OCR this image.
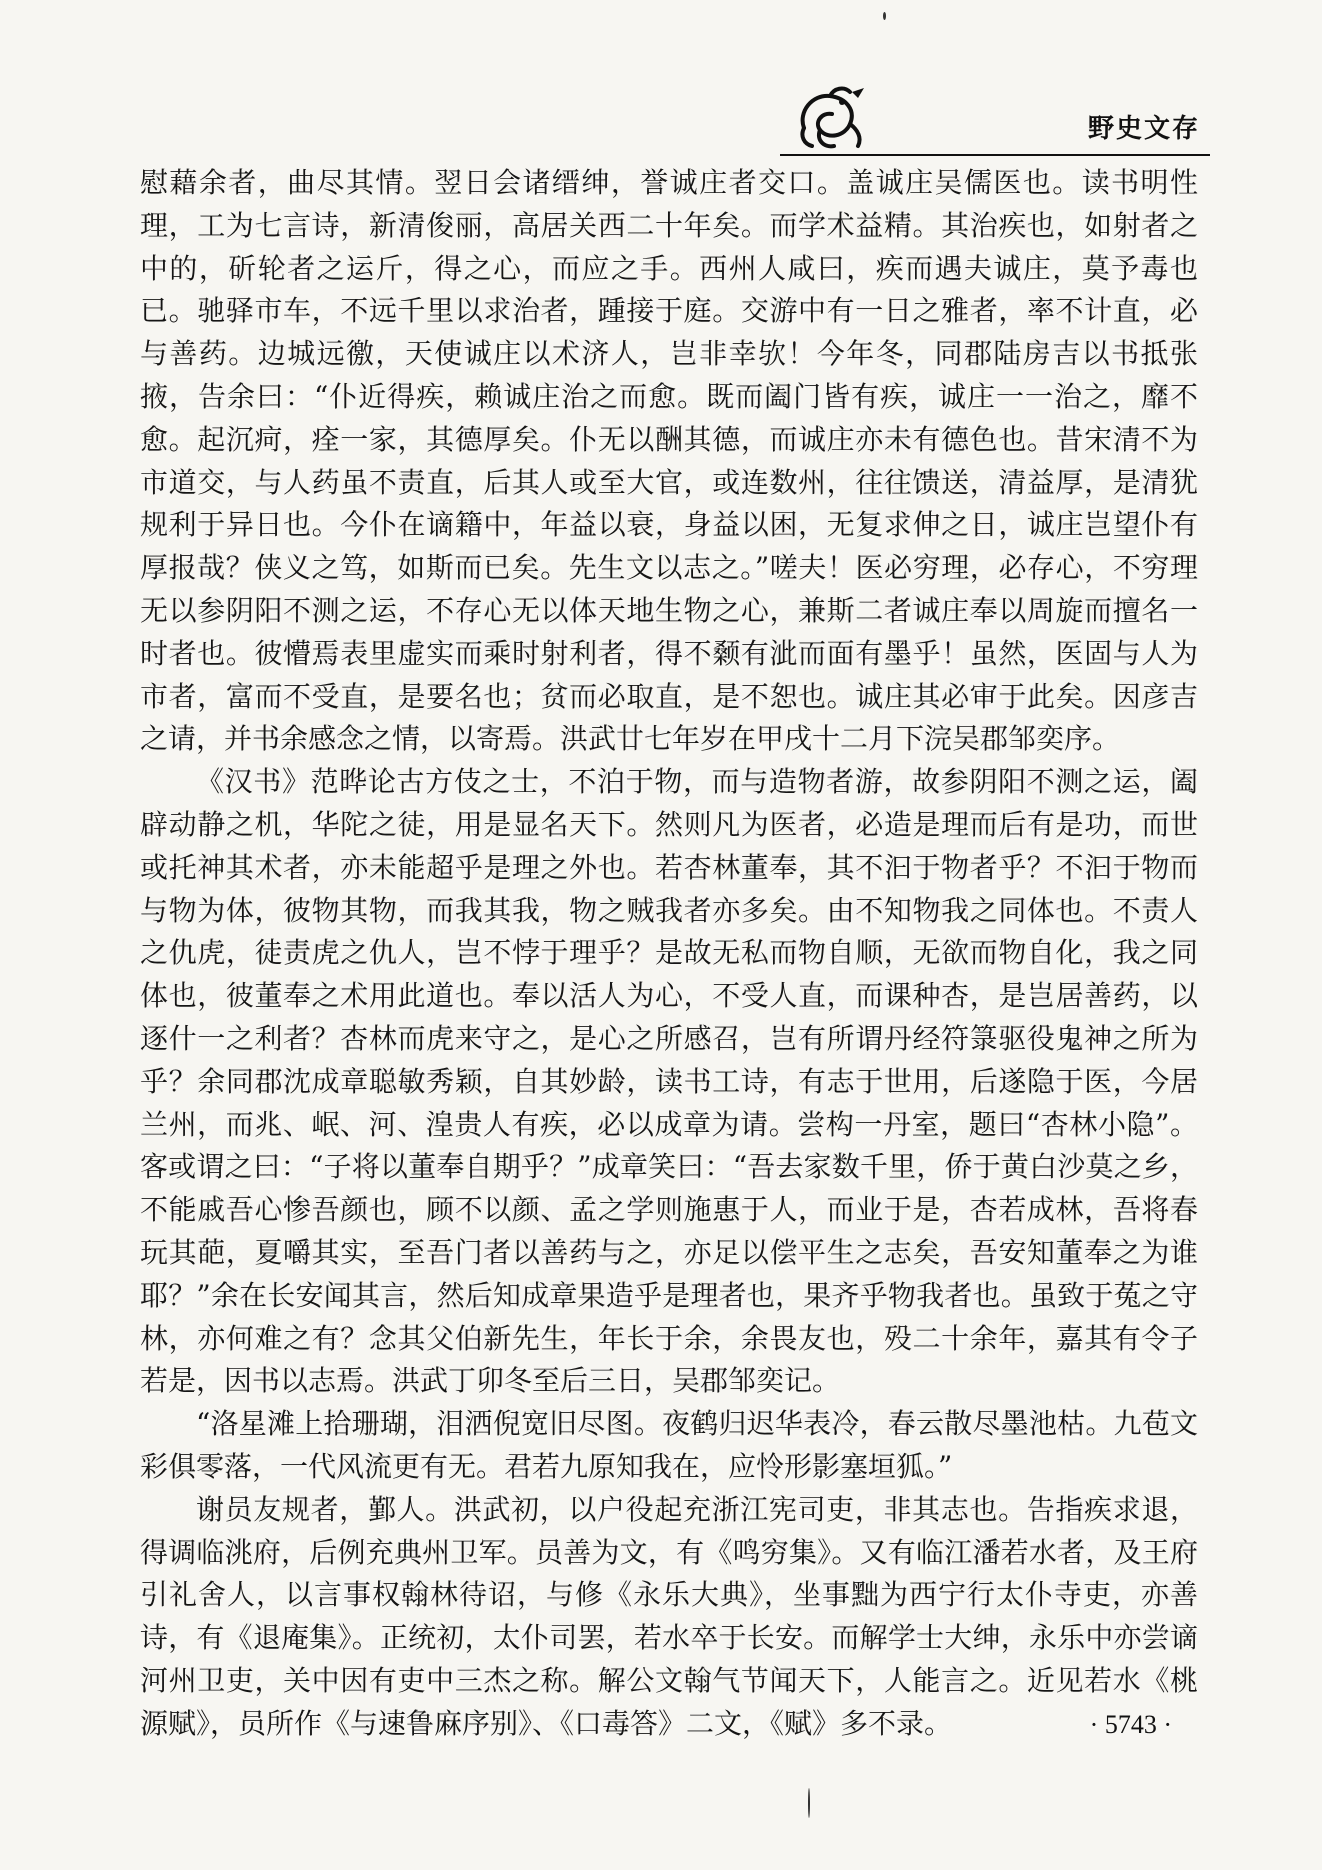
野史文存

慰藉余者，曲尽其情。翌日会诸缙绅，誉诚庄者交口。盖诚庄吴儒医也。读书明性理，工为七言诗，新清俊丽，高居关西二十年矣。而学术益精。其治疾也，如射者之中的，斫轮者之运斤，得之心，而应之手。西州人咸曰，疾而遇夫诚庄，莫予毒也已。驰驿市车，不远千里以求治者，踵接于庭。交游中有一日之雅者，率不计直，必与善药。边城远徼，天使诚庄以术济人，岂非幸欤！今年冬，同郡陆房吉以书抵张掖，告余曰：“仆近得疾，赖诚庄治之而愈。既而阖门皆有疾，诚庄一一治之，靡不愈。起沉疴，痊一家，其德厚矣。仆无以酬其德，而诚庄亦未有德色也。昔宋清不为市道交，与人药虽不责直，后其人或至大官，或连数州，往往馈送，清益厚，是清犹规利于异日也。今仆在谪籍中，年益以衰，身益以困，无复求伸之日，诚庄岂望仆有厚报哉？侠义之笃，如斯而已矣。先生文以志之。”嗟夫！医必穷理，必存心，不穷理无以参阴阳不测之运，不存心无以体天地生物之心，兼斯二者诚庄奉以周旋而擅名一时者也。彼懵焉表里虚实而乘时射利者，得不颡有泚而面有墨乎！虽然，医固与人为市者，富而不受直，是要名也；贫而必取直，是不恕也。诚庄其必审于此矣。因彦吉之请，并书余感念之情，以寄焉。洪武廿七年岁在甲戌十二月下浣吴郡邹奕序。

《汉书》范晔论古方伎之士，不泊于物，而与造物者游，故参阴阳不测之运，阖辟动静之机，华陀之徒，用是显名天下。然则凡为医者，必造是理而后有是功，而世或托神其术者，亦未能超乎是理之外也。若杏林董奉，其不汩于物者乎？不汩于物而与物为体，彼物其物，而我其我，物之贼我者亦多矣。由不知物我之同体也。不责人之仇虎，徒责虎之仇人，岂不悖于理乎？是故无私而物自顺，无欲而物自化，我之同体也，彼董奉之术用此道也。奉以活人为心，不受人直，而课种杏，是岂居善药，以逐什一之利者？杏林而虎来守之，是心之所感召，岂有所谓丹经符箓驱役鬼神之所为乎？余同郡沈成章聪敏秀颖，自其妙龄，读书工诗，有志于世用，后遂隐于医，今居兰州，而兆、岷、河、湟贵人有疾，必以成章为请。尝构一丹室，题曰“杏林小隐”。客或谓之曰：“子将以董奉自期乎？”成章笑曰：“吾去家数千里，侨于黄白沙莫之乡，不能戚吾心惨吾颜也，顾不以颜、孟之学则施惠于人，而业于是，杏若成林，吾将春玩其葩，夏嚼其实，至吾门者以善药与之，亦足以偿平生之志矣，吾安知董奉之为谁耶？”余在长安闻其言，然后知成章果造乎是理者也，果齐乎物我者也。虽致于菟之守林，亦何难之有？念其父伯新先生，年长于余，余畏友也，殁二十余年，嘉其有令子若是，因书以志焉。洪武丁卯冬至后三日，吴郡邹奕记。

“洛星滩上拾珊瑚，泪洒倪宽旧尽图。夜鹤归迟华表冷，春云散尽墨池枯。九苞文彩俱零落，一代风流更有无。君若九原知我在，应怜形影塞垣狐。”

谢员友规者，鄞人。洪武初，以户役起充浙江宪司吏，非其志也。告指疾求退，得调临洮府，后例充典州卫军。员善为文，有《鸣穷集》。又有临江潘若水者，及王府引礼舍人，以言事权翰林待诏，与修《永乐大典》，坐事黜为西宁行太仆寺吏，亦善诗，有《退庵集》。正统初，太仆司罢，若水卒于长安。而解学士大绅，永乐中亦尝谪河州卫吏，关中因有吏中三杰之称。解公文翰气节闻天下，人能言之。近见若水《桃源赋》，员所作《与速鲁麻序别》、《口毒答》二文，《赋》多不录。	· 5743 ·
